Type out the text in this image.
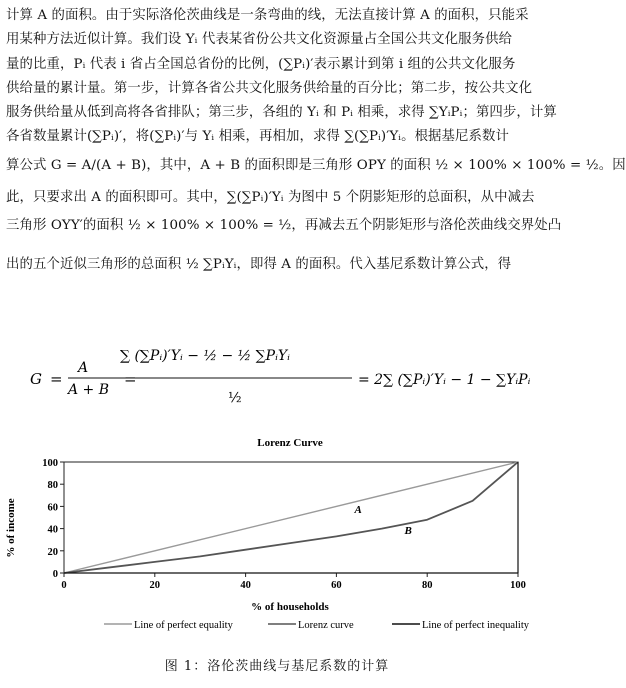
计算 A 的面积。由于实际洛伦茨曲线是一条弯曲的线，无法直接计算 A 的面积，只能采
用某种方法近似计算。我们设 Yᵢ 代表某省份公共文化资源量占全国公共文化服务供给
量的比重，Pᵢ 代表 i 省占全国总省份的比例，(∑Pᵢ)′表示累计到第 i 组的公共文化服务
供给量的累计量。第一步，计算各省公共文化服务供给量的百分比；第二步，按公共文化
服务供给量从低到高将各省排队；第三步，各组的 Yᵢ 和 Pᵢ 相乘，求得 ∑YᵢPᵢ；第四步，计算
各省数量累计(∑Pᵢ)′，将(∑Pᵢ)′与 Yᵢ 相乘，再相加，求得 ∑(∑Pᵢ)′Yᵢ。根据基尼系数计
算公式 G = A/(A + B)，其中，A + B 的面积即是三角形 OPY 的面积 ½ × 100% × 100% = ½。因
此，只要求出 A 的面积即可。其中，∑(∑Pᵢ)′Yᵢ 为图中 5 个阴影矩形的总面积，从中减去
三角形 OYY′的面积 ½ × 100% × 100% = ½，再减去五个阴影矩形与洛伦茨曲线交界处凸
出的五个近似三角形的总面积 ½ ∑PᵢYᵢ，即得 A 的面积。代入基尼系数计算公式，得
G =
A
A + B
=
∑ (∑Pᵢ)′Yᵢ − ½ − ½ ∑PᵢYᵢ
½
= 2∑ (∑Pᵢ)′Yᵢ − 1 − ∑YᵢPᵢ
Lorenz Curve
% of income
% of households
0	20	40	60	80	100
0
20
40
60
80
100
A
B
Line of perfect equality	Lorenz curve	Line of perfect inequality
图 1：洛伦茨曲线与基尼系数的计算
